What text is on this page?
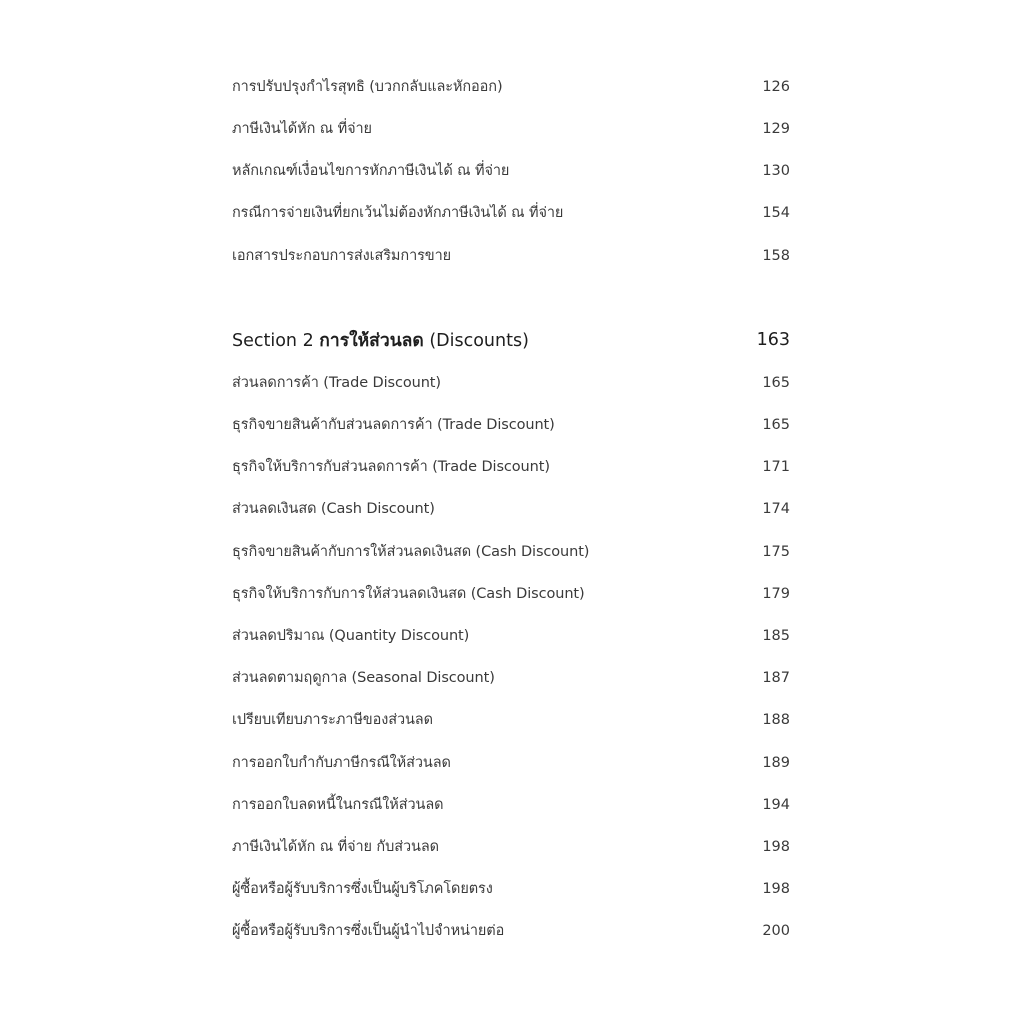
การปรับปรุงกำไรสุทธิ (บวกกลับและหักออก)	126
ภาษีเงินได้หัก ณ ที่จ่าย	129
หลักเกณฑ์เงื่อนไขการหักภาษีเงินได้ ณ ที่จ่าย	130
กรณีการจ่ายเงินที่ยกเว้นไม่ต้องหักภาษีเงินได้ ณ ที่จ่าย	154
เอกสารประกอบการส่งเสริมการขาย	158
Section 2 การให้ส่วนลด (Discounts)	163
ส่วนลดการค้า (Trade Discount)	165
ธุรกิจขายสินค้ากับส่วนลดการค้า (Trade Discount)	165
ธุรกิจให้บริการกับส่วนลดการค้า (Trade Discount)	171
ส่วนลดเงินสด (Cash Discount)	174
ธุรกิจขายสินค้ากับการให้ส่วนลดเงินสด (Cash Discount)	175
ธุรกิจให้บริการกับการให้ส่วนลดเงินสด (Cash Discount)	179
ส่วนลดปริมาณ (Quantity Discount)	185
ส่วนลดตามฤดูกาล (Seasonal Discount)	187
เปรียบเทียบภาระภาษีของส่วนลด	188
การออกใบกำกับภาษีกรณีให้ส่วนลด	189
การออกใบลดหนี้ในกรณีให้ส่วนลด	194
ภาษีเงินได้หัก ณ ที่จ่าย กับส่วนลด	198
ผู้ซื้อหรือผู้รับบริการซึ่งเป็นผู้บริโภคโดยตรง	198
ผู้ซื้อหรือผู้รับบริการซึ่งเป็นผู้นำไปจำหน่ายต่อ	200
